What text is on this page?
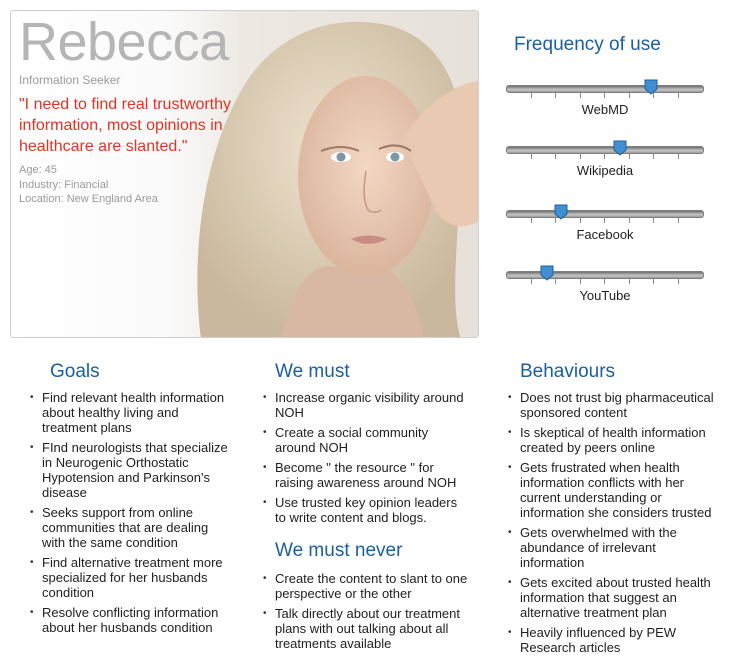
Rebecca
Information Seeker
"I need to find real trustworthy information, most opinions in healthcare are slanted."
Age: 45
Industry: Financial
Location: New England Area
Frequency of use
WebMD
Wikipedia
Facebook
YouTube
Goals
• Find relevant health information about healthy living and treatment plans
• FInd neurologists that specialize in Neurogenic Orthostatic Hypotension and Parkinson's disease
• Seeks support from online communities that are dealing with the same condition
• Find alternative treatment more specialized for her husbands condition
• Resolve conflicting information about her husbands condition
We must
• Increase organic visibility around NOH
• Create a social community around NOH
• Become " the resource " for raising awareness around NOH
• Use trusted key opinion leaders to write content and blogs.
We must never
• Create the content to slant to one perspective or the other
• Talk directly about our treatment plans with out talking about all treatments available
Behaviours
• Does not trust big pharmaceutical sponsored content
• Is skeptical of health information created by peers online
• Gets frustrated when health information conflicts with her current understanding or information she considers trusted
• Gets overwhelmed with the abundance of irrelevant information
• Gets excited about trusted health information that suggest an alternative treatment plan
• Heavily influenced by PEW Research articles
